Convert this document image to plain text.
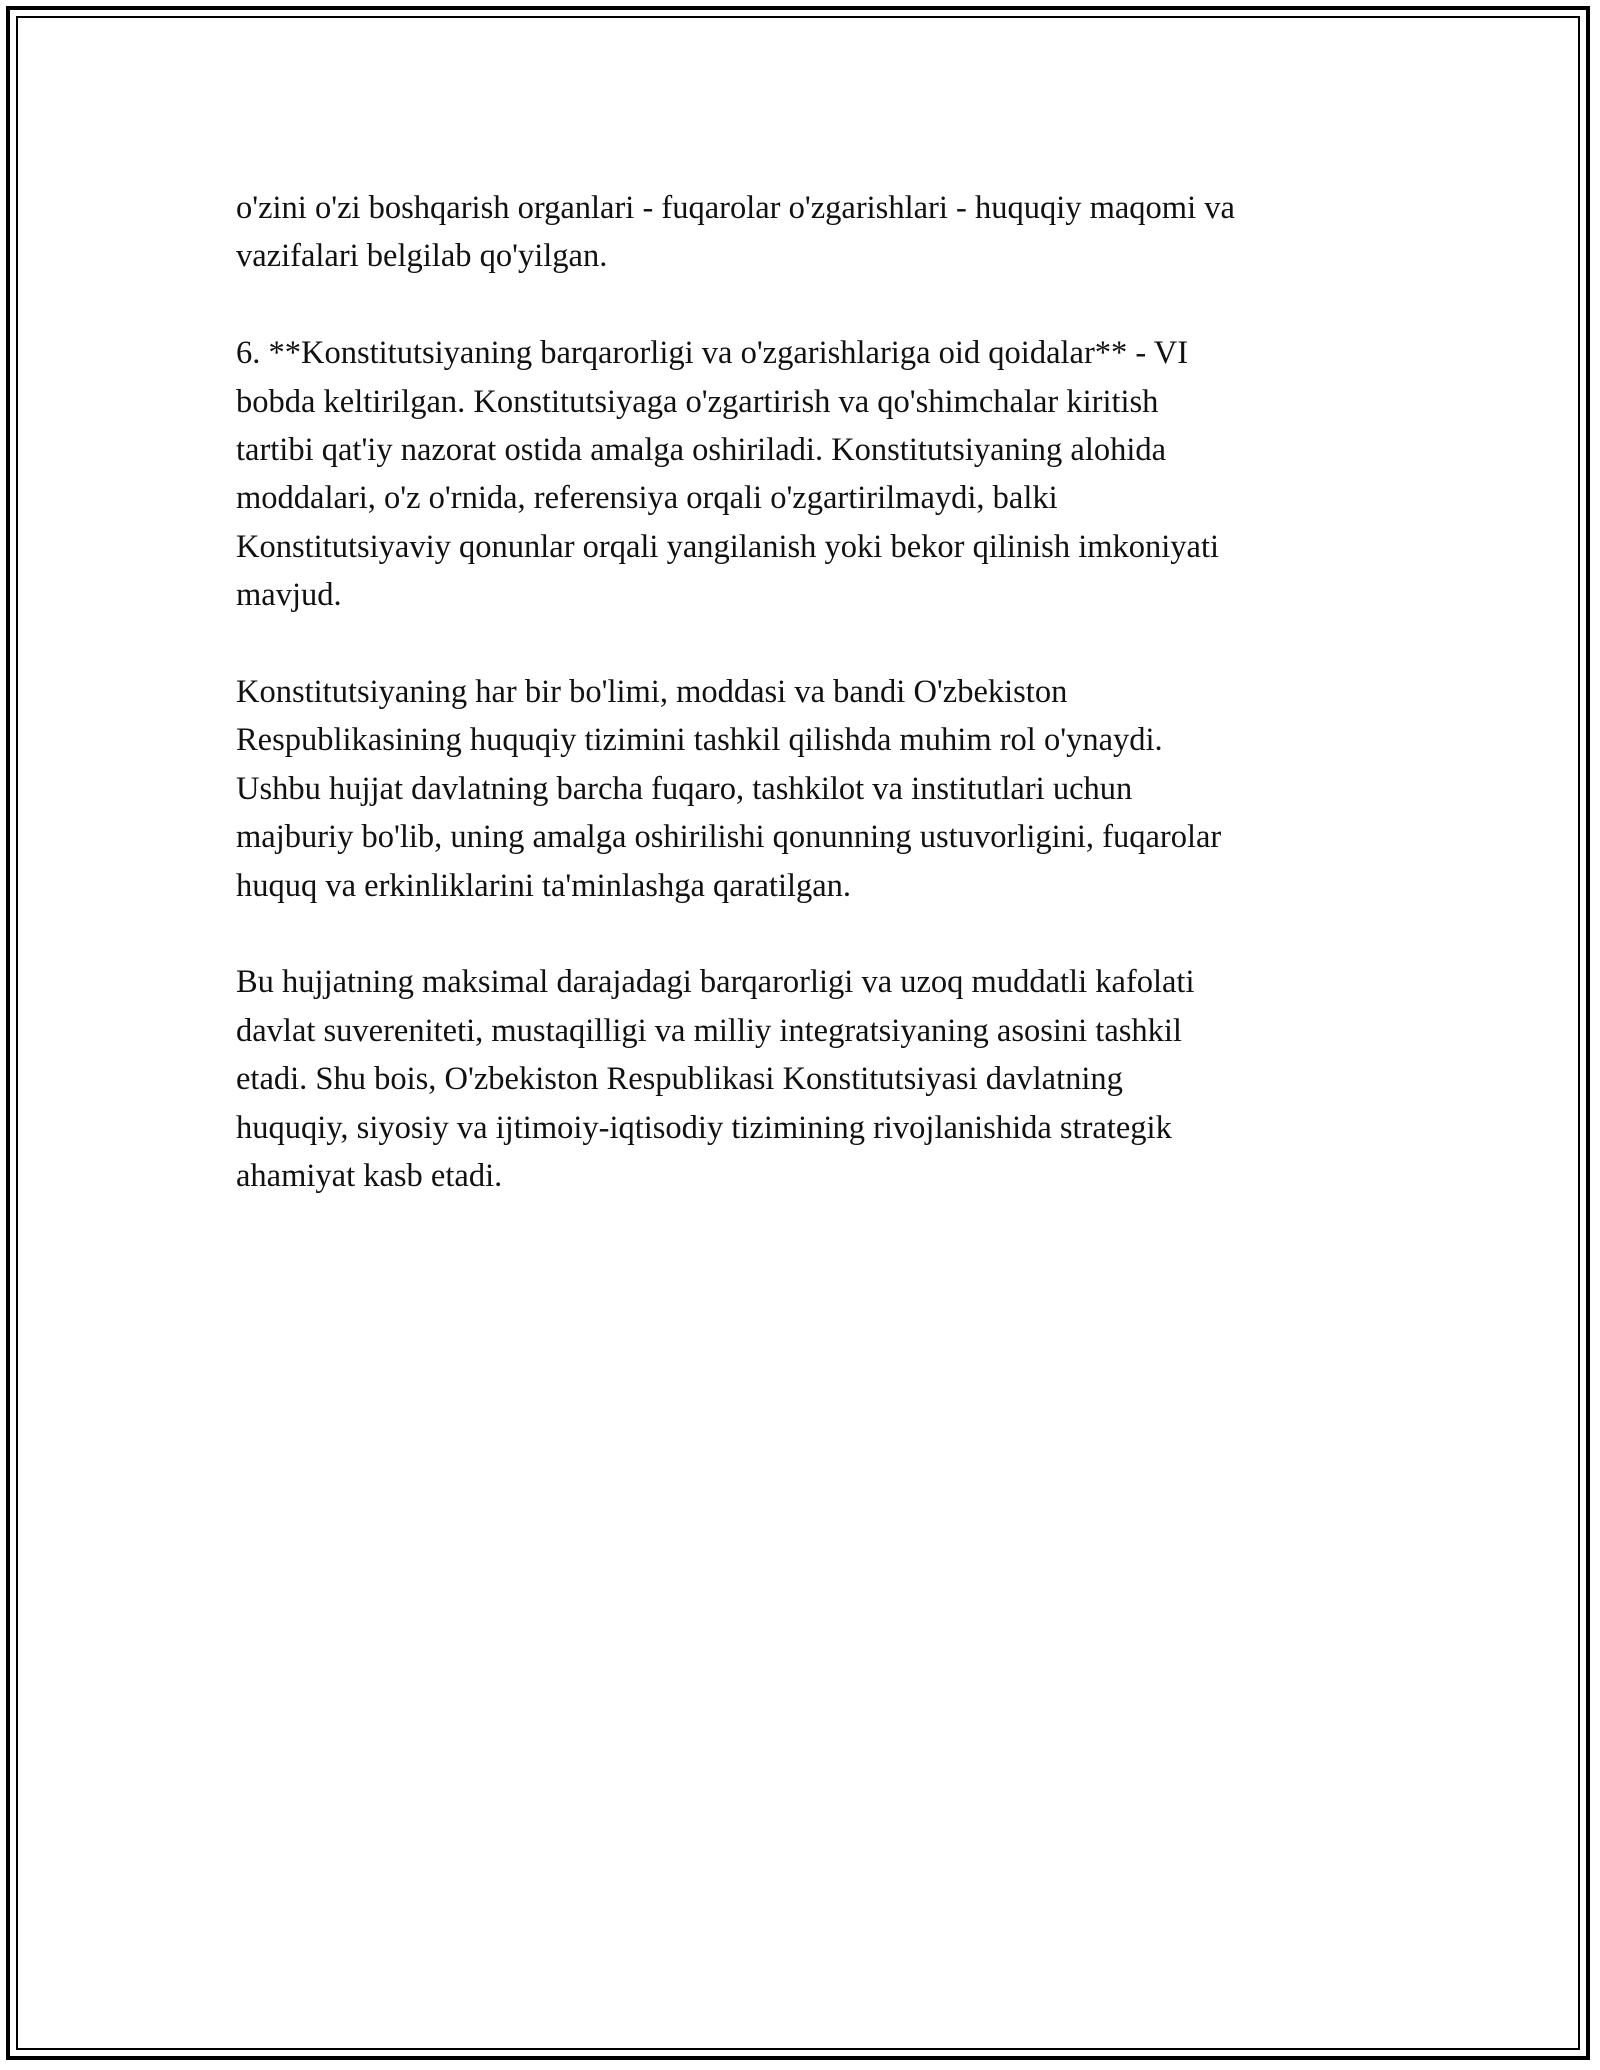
o'zini o'zi boshqarish organlari - fuqarolar o'zgarishlari - huquqiy maqomi va
vazifalari belgilab qo'yilgan.

6. **Konstitutsiyaning barqarorligi va o'zgarishlariga oid qoidalar** - VI
bobda keltirilgan. Konstitutsiyaga o'zgartirish va qo'shimchalar kiritish
tartibi qat'iy nazorat ostida amalga oshiriladi. Konstitutsiyaning alohida
moddalari, o'z o'rnida, referensiya orqali o'zgartirilmaydi, balki
Konstitutsiyaviy qonunlar orqali yangilanish yoki bekor qilinish imkoniyati
mavjud.

Konstitutsiyaning har bir bo'limi, moddasi va bandi O'zbekiston
Respublikasining huquqiy tizimini tashkil qilishda muhim rol o'ynaydi.
Ushbu hujjat davlatning barcha fuqaro, tashkilot va institutlari uchun
majburiy bo'lib, uning amalga oshirilishi qonunning ustuvorligini, fuqarolar
huquq va erkinliklarini ta'minlashga qaratilgan.

Bu hujjatning maksimal darajadagi barqarorligi va uzoq muddatli kafolati
davlat suvereniteti, mustaqilligi va milliy integratsiyaning asosini tashkil
etadi. Shu bois, O'zbekiston Respublikasi Konstitutsiyasi davlatning
huquqiy, siyosiy va ijtimoiy-iqtisodiy tizimining rivojlanishida strategik
ahamiyat kasb etadi.
